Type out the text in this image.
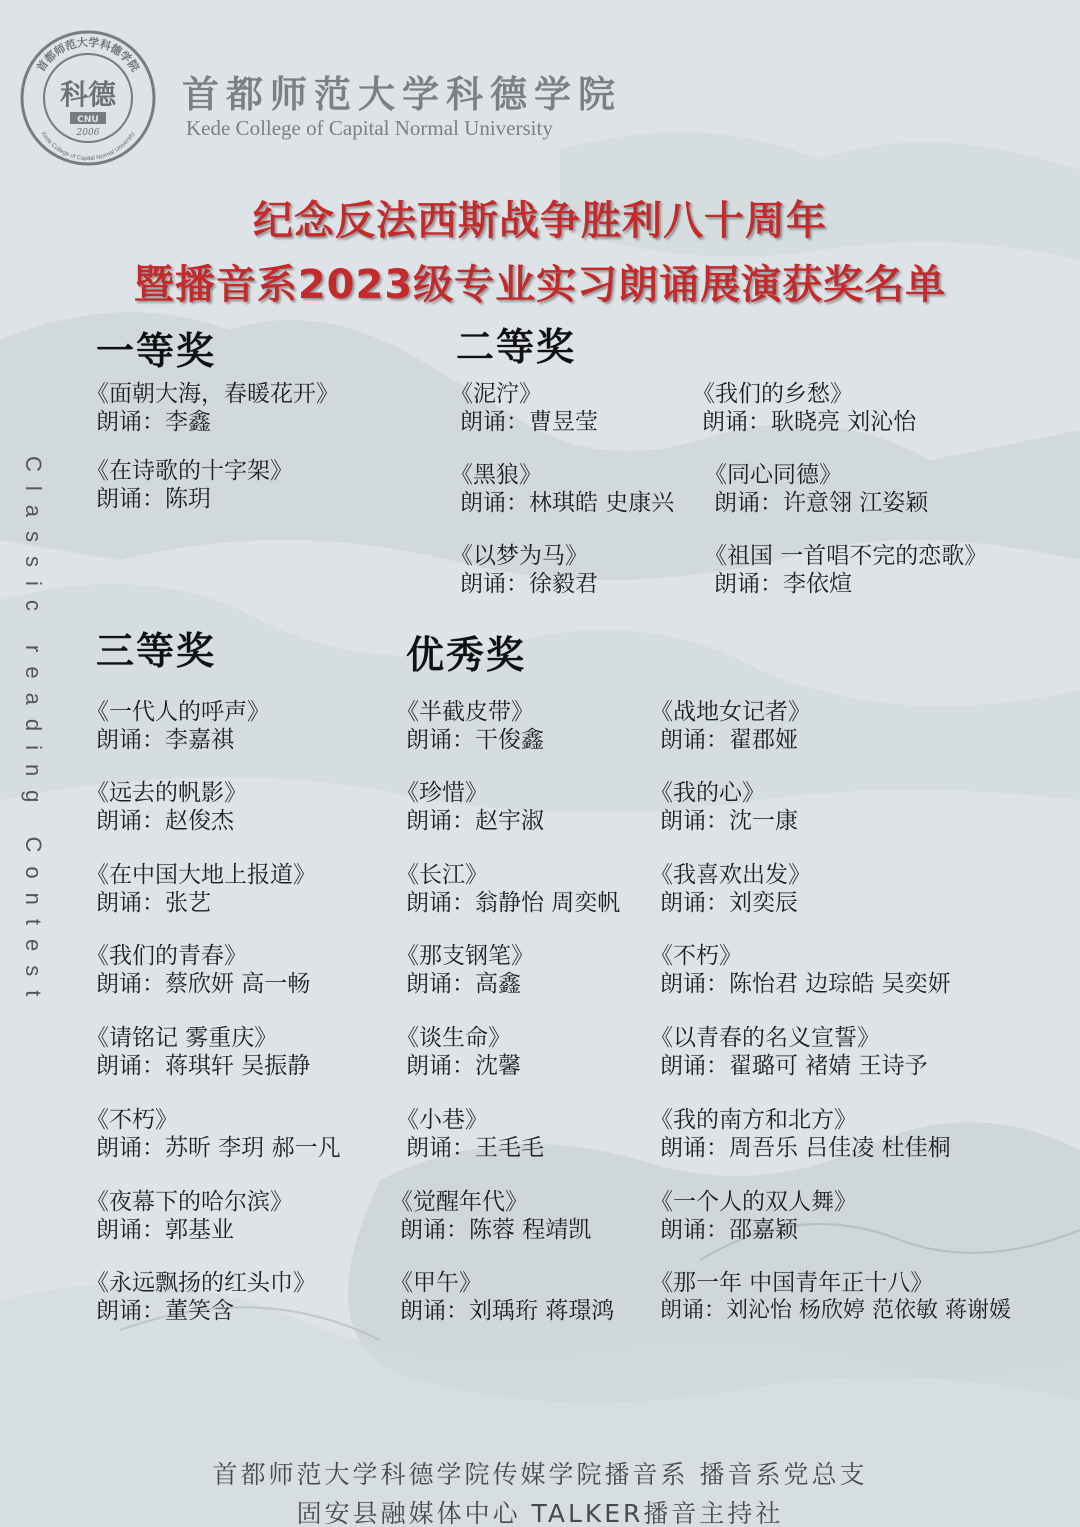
科德
CNU
2006
首都师范大学科德学院
Kede College of Capital Normal University
首都师范大学科德学院
Kede College of Capital Normal University
纪念反法西斯战争胜利八十周年
暨播音系2023级专业实习朗诵展演获奖名单
Classic reading Contest
一等奖
《面朝大海，春暖花开》
朗诵：李鑫
《在诗歌的十字架》
朗诵：陈玥
二等奖
《泥泞》
朗诵：曹昱莹
《我们的乡愁》
朗诵：耿晓亮 刘沁怡
《黑狼》
朗诵：林琪皓 史康兴
《同心同德》
朗诵：许意翎 江姿颖
《以梦为马》
朗诵：徐毅君
《祖国 一首唱不完的恋歌》
朗诵：李依煊
三等奖	优秀奖
《一代人的呼声》
朗诵：李嘉祺
《远去的帆影》
朗诵：赵俊杰
《在中国大地上报道》
朗诵：张艺
《我们的青春》
朗诵：蔡欣妍 高一畅
《请铭记 雾重庆》
朗诵：蒋琪轩 吴振静
《不朽》
朗诵：苏昕 李玥 郝一凡
《夜幕下的哈尔滨》
朗诵：郭基业
《永远飘扬的红头巾》
朗诵：董笑含
《半截皮带》
朗诵：干俊鑫
《珍惜》
朗诵：赵宇淑
《长江》
朗诵：翁静怡 周奕帆
《那支钢笔》
朗诵：高鑫
《谈生命》
朗诵：沈馨
《小巷》
朗诵：王毛毛
《觉醒年代》
朗诵：陈蓉 程靖凯
《甲午》
朗诵：刘瑀珩 蒋璟鸿
《战地女记者》
朗诵：翟郡娅
《我的心》
朗诵：沈一康
《我喜欢出发》
朗诵：刘奕辰
《不朽》
朗诵：陈怡君 边琮皓 吴奕妍
《以青春的名义宣誓》
朗诵：翟璐可 褚婧 王诗予
《我的南方和北方》
朗诵：周吾乐 吕佳凌 杜佳桐
《一个人的双人舞》
朗诵：邵嘉颖
《那一年 中国青年正十八》
朗诵：刘沁怡 杨欣婷 范依敏 蒋谢媛
首都师范大学科德学院传媒学院播音系 播音系党总支
固安县融媒体中心 TALKER播音主持社
